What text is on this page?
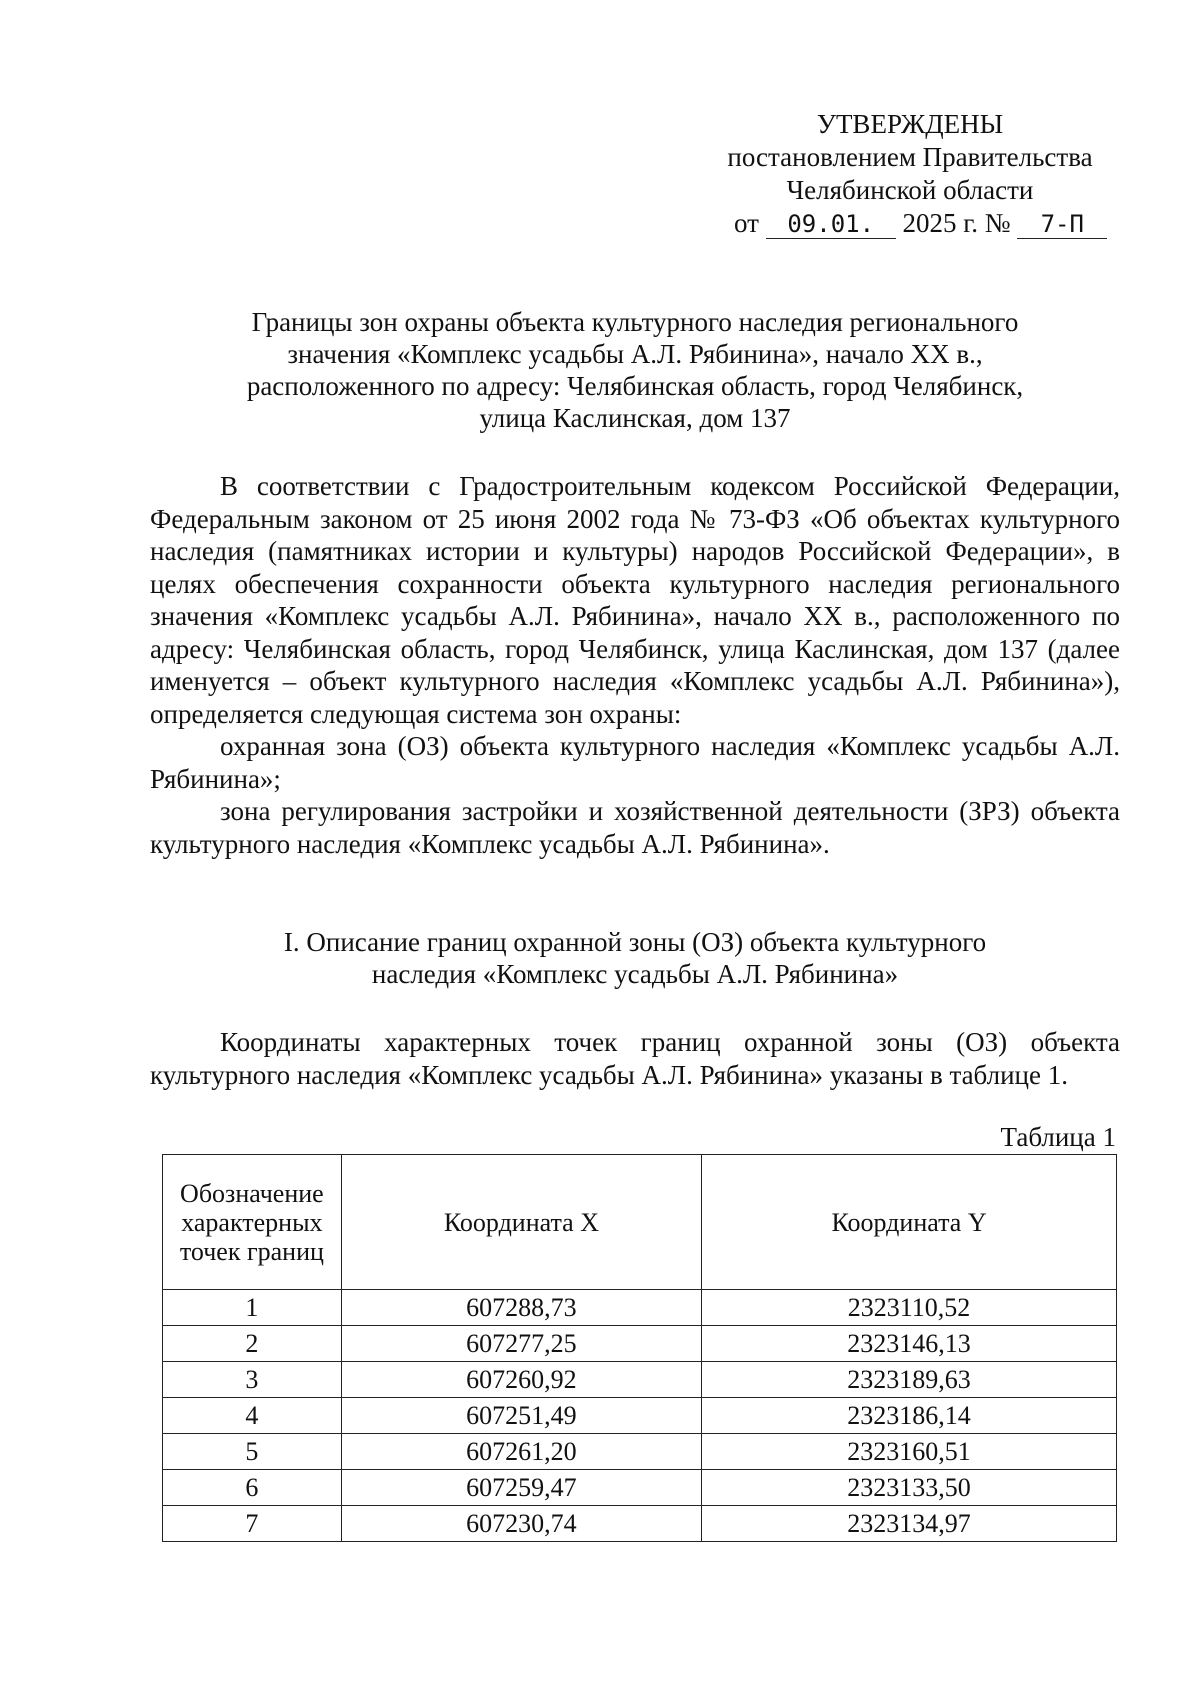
УТВЕРЖДЕНЫ
постановлением Правительства
Челябинской области
от 09.01. 2025 г. № 7-П
Границы зон охраны объекта культурного наследия регионального
значения «Комплекс усадьбы А.Л. Рябинина», начало XX в.,
расположенного по адресу: Челябинская область, город Челябинск,
улица Каслинская, дом 137

В соответствии с Градостроительным кодексом Российской Федерации, Федеральным законом от 25 июня 2002 года № 73-ФЗ «Об объектах культурного наследия (памятниках истории и культуры) народов Российской Федерации», в целях обеспечения сохранности объекта культурного наследия регионального значения «Комплекс усадьбы А.Л. Рябинина», начало XX в., расположенного по адресу: Челябинская область, город Челябинск, улица Каслинская, дом 137 (далее именуется – объект культурного наследия «Комплекс усадьбы А.Л. Рябинина»), определяется следующая система зон охраны:

охранная зона (ОЗ) объекта культурного наследия «Комплекс усадьбы А.Л. Рябинина»;

зона регулирования застройки и хозяйственной деятельности (ЗРЗ) объекта культурного наследия «Комплекс усадьбы А.Л. Рябинина».

I. Описание границ охранной зоны (ОЗ) объекта культурного
наследия «Комплекс усадьбы А.Л. Рябинина»

Координаты характерных точек границ охранной зоны (ОЗ) объекта культурного наследия «Комплекс усадьбы А.Л. Рябинина» указаны в таблице 1.

Таблица 1
Обозначение характерных точек границ	Координата X	Координата Y
1	607288,73	2323110,52
2	607277,25	2323146,13
3	607260,92	2323189,63
4	607251,49	2323186,14
5	607261,20	2323160,51
6	607259,47	2323133,50
7	607230,74	2323134,97
